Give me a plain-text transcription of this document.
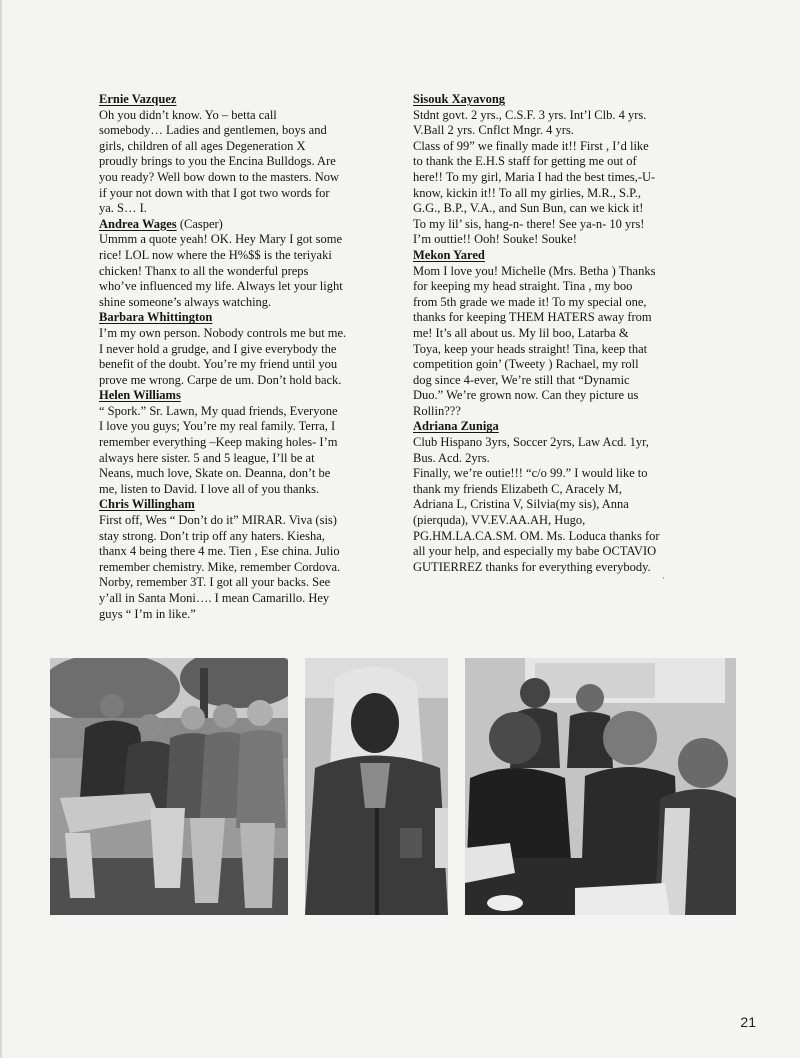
Ernie Vazquez
Oh you didn’t know. Yo – betta call
somebody… Ladies and gentlemen, boys and
girls, children of all ages Degeneration X
proudly brings to you the Encina Bulldogs. Are
you ready? Well bow down to the masters. Now
if your not down with that I got two words for
ya. S… I.
Andrea Wages (Casper)
Ummm a quote yeah! OK. Hey Mary I got some
rice! LOL now where the H%$$ is the teriyaki
chicken! Thanx to all the wonderful preps
who’ve influenced my life. Always let your light
shine someone’s always watching.
Barbara Whittington
I’m my own person. Nobody controls me but me.
I never hold a grudge, and I give everybody the
benefit of the doubt. You’re my friend until you
prove me wrong. Carpe de um. Don’t hold back.
Helen Williams
“ Spork.” Sr. Lawn, My quad friends, Everyone
I love you guys; You’re my real family. Terra, I
remember everything –Keep making holes- I’m
always here sister. 5 and 5 league, I’ll be at
Neans, much love, Skate on. Deanna, don’t be
me, listen to David. I love all of you thanks.
Chris Willingham
First off, Wes “ Don’t do it” MIRAR. Viva (sis)
stay strong. Don’t trip off any haters. Kiesha,
thanx 4 being there 4 me. Tien , Ese china. Julio
remember chemistry. Mike, remember Cordova.
Norby, remember 3T. I got all your backs. See
y’all in Santa Moni…. I mean Camarillo. Hey
guys “ I’m in like.”
Sisouk Xayavong
Stdnt govt. 2 yrs., C.S.F. 3 yrs. Int’l Clb. 4 yrs.
V.Ball 2 yrs. Cnflct Mngr. 4 yrs.
Class of 99” we finally made it!! First , I’d like
to thank the E.H.S staff for getting me out of
here!! To my girl, Maria I had the best times,-U-
know, kickin it!! To all my girlies, M.R., S.P.,
G.G., B.P., V.A., and Sun Bun, can we kick it!
To my lil’ sis, hang-n- there! See ya-n- 10 yrs!
I’m outtie!! Ooh! Souke! Souke!
Mekon Yared
Mom I love you! Michelle (Mrs. Betha ) Thanks
for keeping my head straight. Tina , my boo
from 5th grade we made it! To my special one,
thanks for keeping THEM HATERS away from
me! It’s all about us. My lil boo, Latarba &
Toya, keep your heads straight! Tina, keep that
competition goin’ (Tweety ) Rachael, my roll
dog since 4-ever, We’re still that “Dynamic
Duo.” We’re grown now. Can they picture us
Rollin???
Adriana Zuniga
Club Hispano 3yrs, Soccer 2yrs, Law Acd. 1yr,
Bus. Acd. 2yrs.
Finally, we’re outie!!! “c/o 99.” I would like to
thank my friends Elizabeth C, Aracely M,
Adriana L, Cristina V, Silvia(my sis), Anna
(pierquda), VV.EV.AA.AH, Hugo,
PG.HM.LA.CA.SM. OM. Ms. Loduca thanks for
all your help, and especially my babe OCTAVIO
GUTIERREZ thanks for everything everybody.
·
21
